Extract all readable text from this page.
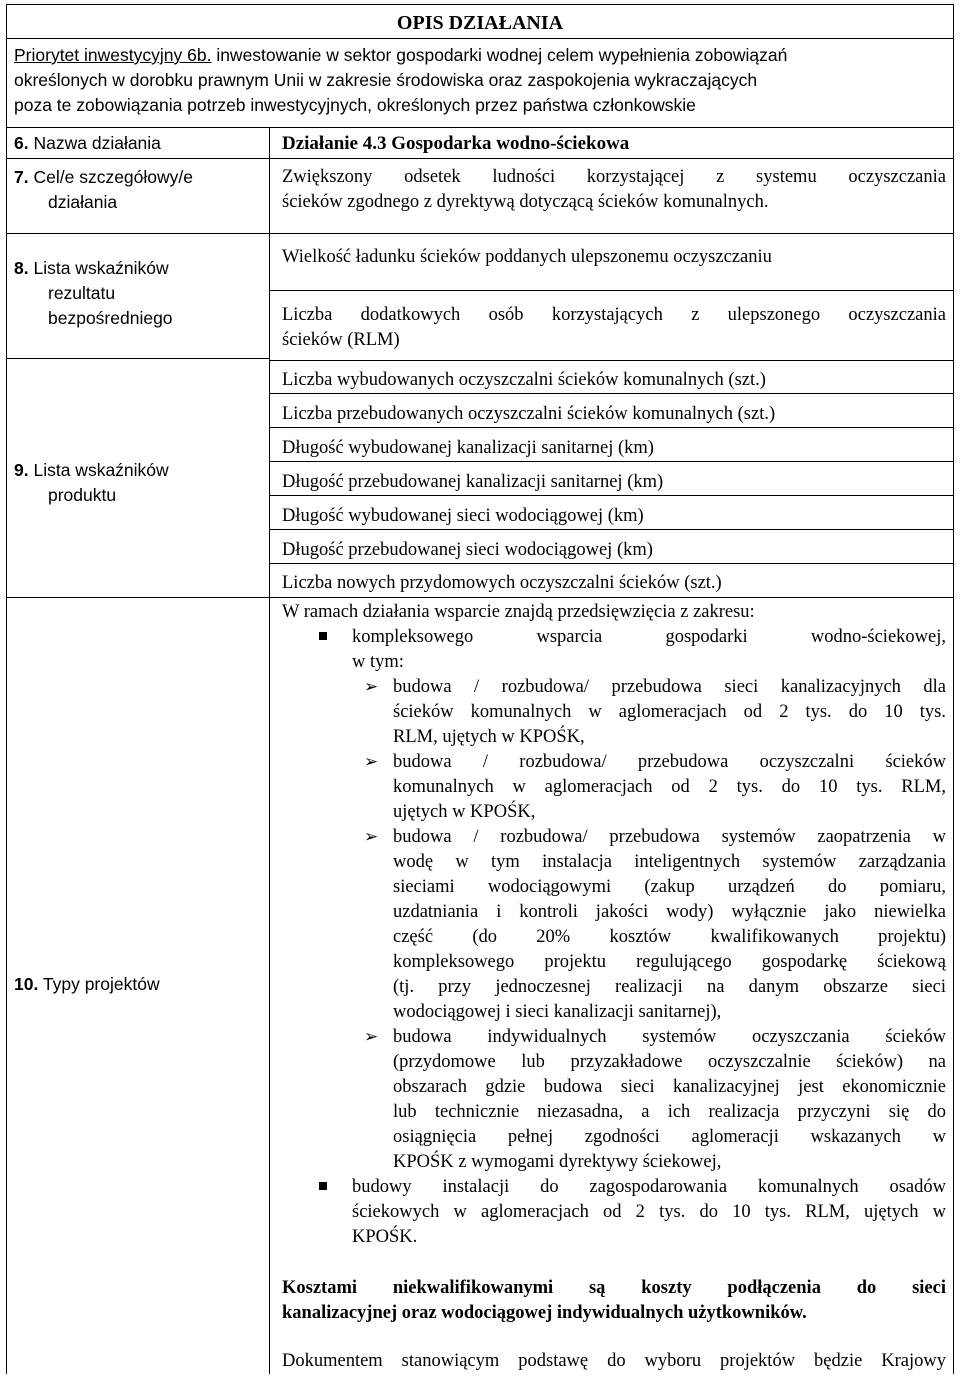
OPIS DZIAŁANIA
Priorytet inwestycyjny 6b. inwestowanie w sektor gospodarki wodnej celem wypełnienia zobowiązań
określonych w dorobku prawnym Unii w zakresie środowiska oraz zaspokojenia wykraczających
poza te zobowiązania potrzeb inwestycyjnych, określonych przez państwa członkowskie
6. Nazwa działania	Działanie 4.3 Gospodarka wodno-ściekowa
7. Cel/e szczegółowy/e
działania
Zwiększony odsetek ludności korzystającej z systemu oczyszczania
ścieków zgodnego z dyrektywą dotyczącą ścieków komunalnych.
8. Lista wskaźników
rezultatu
bezpośredniego
Wielkość ładunku ścieków poddanych ulepszonemu oczyszczaniu
Liczba dodatkowych osób korzystających z ulepszonego oczyszczania
ścieków (RLM)
9. Lista wskaźników
produktu
Liczba wybudowanych oczyszczalni ścieków komunalnych (szt.)
Liczba przebudowanych oczyszczalni ścieków komunalnych (szt.)
Długość wybudowanej kanalizacji sanitarnej (km)
Długość przebudowanej kanalizacji sanitarnej (km)
Długość wybudowanej sieci wodociągowej (km)
Długość przebudowanej sieci wodociągowej (km)
Liczba nowych przydomowych oczyszczalni ścieków (szt.)
10. Typy projektów
W ramach działania wsparcie znajdą przedsięwzięcia z zakresu:
kompleksowego wsparcia gospodarki wodno-ściekowej,
w tym:
➢ budowa / rozbudowa/ przebudowa sieci kanalizacyjnych dla
ścieków komunalnych w aglomeracjach od 2 tys. do 10 tys.
RLM, ujętych w KPOŚK,
➢ budowa / rozbudowa/ przebudowa oczyszczalni ścieków
komunalnych w aglomeracjach od 2 tys. do 10 tys. RLM,
ujętych w KPOŚK,
➢ budowa / rozbudowa/ przebudowa systemów zaopatrzenia w
wodę w tym instalacja inteligentnych systemów zarządzania
sieciami wodociągowymi (zakup urządzeń do pomiaru,
uzdatniania i kontroli jakości wody) wyłącznie jako niewielka
część (do 20% kosztów kwalifikowanych projektu)
kompleksowego projektu regulującego gospodarkę ściekową
(tj. przy jednoczesnej realizacji na danym obszarze sieci
wodociągowej i sieci kanalizacji sanitarnej),
➢ budowa indywidualnych systemów oczyszczania ścieków
(przydomowe lub przyzakładowe oczyszczalnie ścieków) na
obszarach gdzie budowa sieci kanalizacyjnej jest ekonomicznie
lub technicznie niezasadna, a ich realizacja przyczyni się do
osiągnięcia pełnej zgodności aglomeracji wskazanych w
KPOŚK z wymogami dyrektywy ściekowej,
budowy instalacji do zagospodarowania komunalnych osadów
ściekowych w aglomeracjach od 2 tys. do 10 tys. RLM, ujętych w
KPOŚK.
Kosztami niekwalifikowanymi są koszty podłączenia do sieci
kanalizacyjnej oraz wodociągowej indywidualnych użytkowników.
Dokumentem stanowiącym podstawę do wyboru projektów będzie Krajowy
